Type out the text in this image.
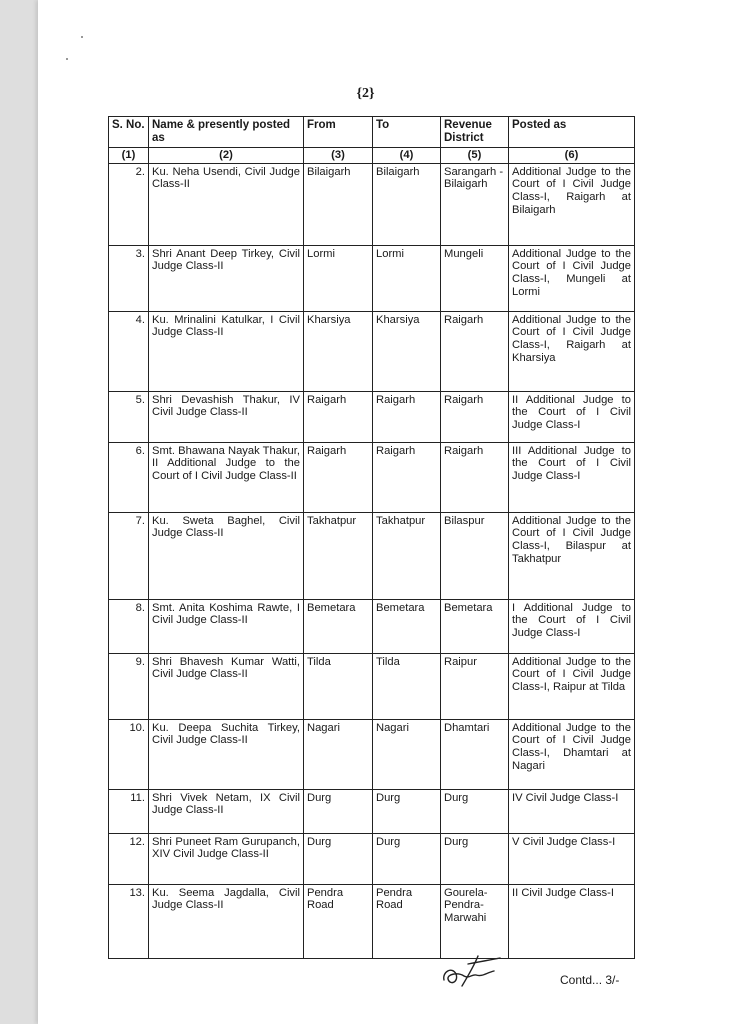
{2}
S. No.	Name & presently posted as	From	To	Revenue District	Posted as
(1)	(2)	(3)	(4)	(5)	(6)
2.	Ku. Neha Usendi, Civil Judge Class-II	Bilaigarh	Bilaigarh	Sarangarh -Bilaigarh	Additional Judge to the Court of I Civil Judge Class-I, Raigarh at Bilaigarh
3.	Shri Anant Deep Tirkey, Civil Judge Class-II	Lormi	Lormi	Mungeli	Additional Judge to the Court of I Civil Judge Class-I, Mungeli at Lormi
4.	Ku. Mrinalini Katulkar, I Civil Judge Class-II	Kharsiya	Kharsiya	Raigarh	Additional Judge to the Court of I Civil Judge Class-I, Raigarh at Kharsiya
5.	Shri Devashish Thakur, IV Civil Judge Class-II	Raigarh	Raigarh	Raigarh	II Additional Judge to the Court of I Civil Judge Class-I
6.	Smt. Bhawana Nayak Thakur, II Additional Judge to the Court of I Civil Judge Class-II	Raigarh	Raigarh	Raigarh	III Additional Judge to the Court of I Civil Judge Class-I
7.	Ku. Sweta Baghel, Civil Judge Class-II	Takhatpur	Takhatpur	Bilaspur	Additional Judge to the Court of I Civil Judge Class-I, Bilaspur at Takhatpur
8.	Smt. Anita Koshima Rawte, I Civil Judge Class-II	Bemetara	Bemetara	Bemetara	I Additional Judge to the Court of I Civil Judge Class-I
9.	Shri Bhavesh Kumar Watti, Civil Judge Class-II	Tilda	Tilda	Raipur	Additional Judge to the Court of I Civil Judge Class-I, Raipur at Tilda
10.	Ku. Deepa Suchita Tirkey, Civil Judge Class-II	Nagari	Nagari	Dhamtari	Additional Judge to the Court of I Civil Judge Class-I, Dhamtari at Nagari
11.	Shri Vivek Netam, IX Civil Judge Class-II	Durg	Durg	Durg	IV Civil Judge Class-I
12.	Shri Puneet Ram Gurupanch, XIV Civil Judge Class-II	Durg	Durg	Durg	V Civil Judge Class-I
13.	Ku. Seema Jagdalla, Civil Judge Class-II	Pendra Road	Pendra Road	Gourela-Pendra-Marwahi	II Civil Judge Class-I
Contd... 3/-
